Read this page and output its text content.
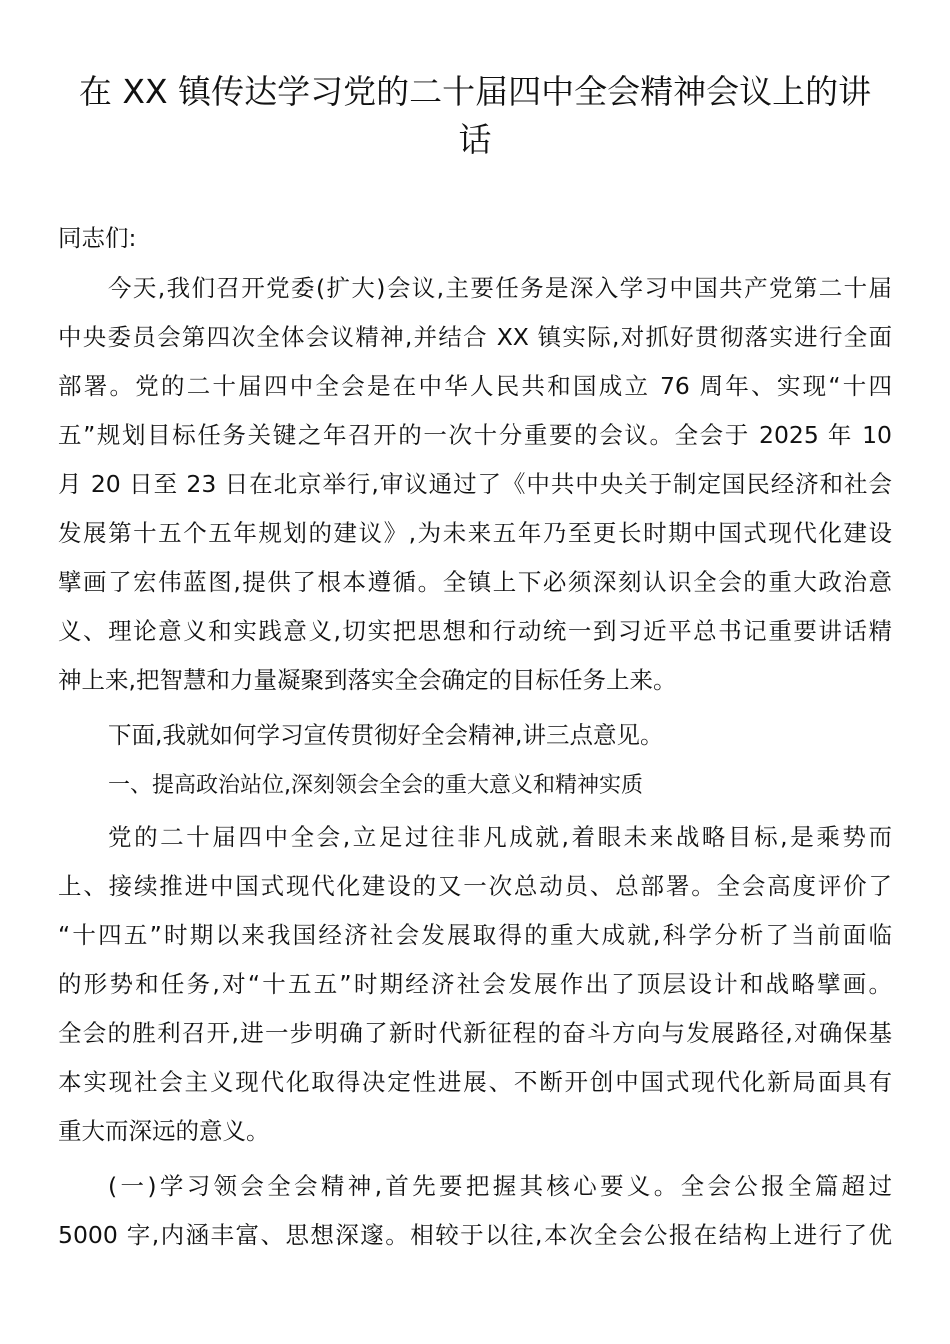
在 XX 镇传达学习党的二十届四中全会精神会议上的讲
话
同志们:
今天,我们召开党委(扩大)会议,主要任务是深入学习中国共产党第二十届
中央委员会第四次全体会议精神,并结合 XX 镇实际,对抓好贯彻落实进行全面
部署。党的二十届四中全会是在中华人民共和国成立 76 周年、实现“十四
五”规划目标任务关键之年召开的一次十分重要的会议。全会于 2025 年 10
月 20 日至 23 日在北京举行,审议通过了《中共中央关于制定国民经济和社会
发展第十五个五年规划的建议》,为未来五年乃至更长时期中国式现代化建设
擘画了宏伟蓝图,提供了根本遵循。全镇上下必须深刻认识全会的重大政治意
义、理论意义和实践意义,切实把思想和行动统一到习近平总书记重要讲话精
神上来,把智慧和力量凝聚到落实全会确定的目标任务上来。
下面,我就如何学习宣传贯彻好全会精神,讲三点意见。
一、提高政治站位,深刻领会全会的重大意义和精神实质
党的二十届四中全会,立足过往非凡成就,着眼未来战略目标,是乘势而
上、接续推进中国式现代化建设的又一次总动员、总部署。全会高度评价了
“十四五”时期以来我国经济社会发展取得的重大成就,科学分析了当前面临
的形势和任务,对“十五五”时期经济社会发展作出了顶层设计和战略擘画。
全会的胜利召开,进一步明确了新时代新征程的奋斗方向与发展路径,对确保基
本实现社会主义现代化取得决定性进展、不断开创中国式现代化新局面具有
重大而深远的意义。
(一)学习领会全会精神,首先要把握其核心要义。全会公报全篇超过
5000 字,内涵丰富、思想深邃。相较于以往,本次全会公报在结构上进行了优
